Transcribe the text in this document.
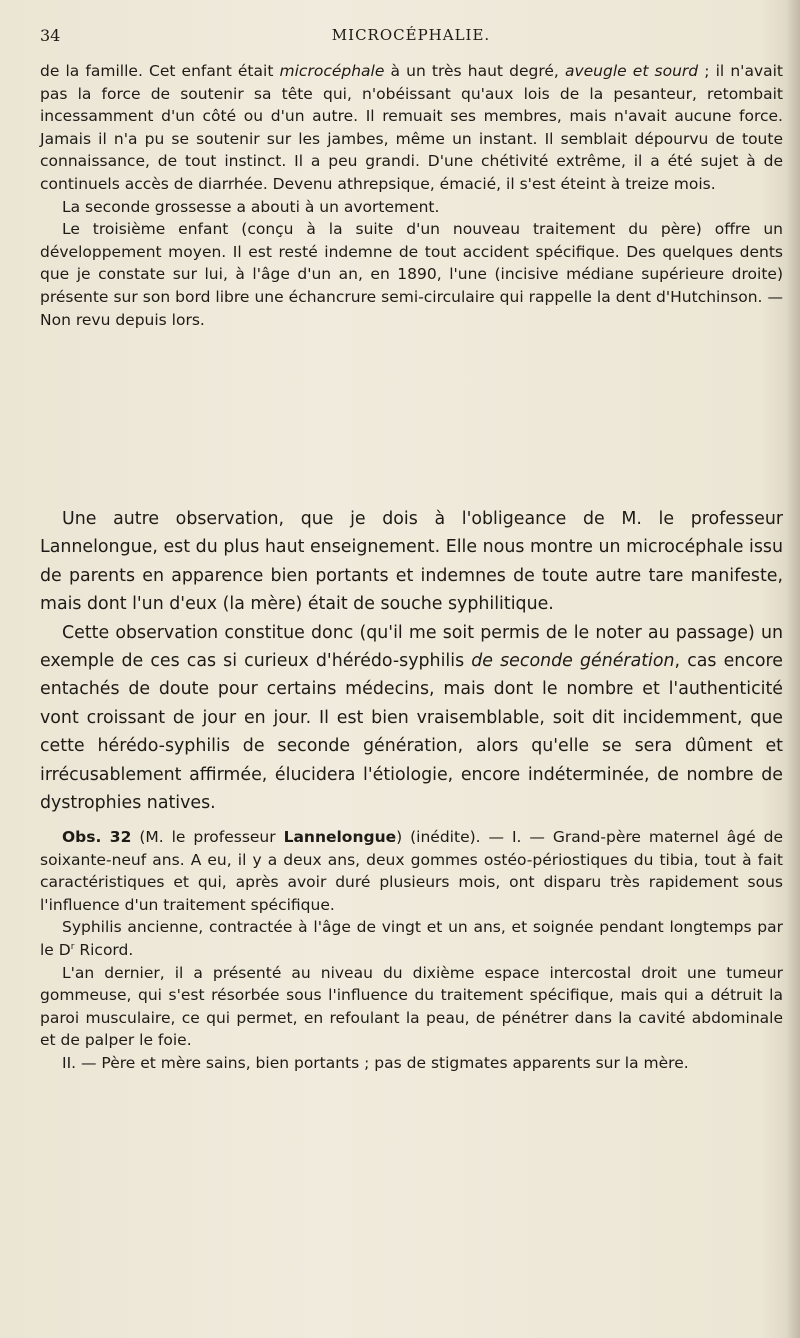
34	MICROCÉPHALIE.

de la famille. Cet enfant était microcéphale à un très haut degré, aveugle et sourd ; il n'avait pas la force de soutenir sa tête qui, n'obéissant qu'aux lois de la pesanteur, retombait incessamment d'un côté ou d'un autre. Il remuait ses membres, mais n'avait aucune force. Jamais il n'a pu se soutenir sur les jambes, même un instant. Il semblait dépourvu de toute connaissance, de tout instinct. Il a peu grandi. D'une chétivité extrême, il a été sujet à de continuels accès de diarrhée. Devenu athrepsique, émacié, il s'est éteint à treize mois.

La seconde grossesse a abouti à un avortement.

Le troisième enfant (conçu à la suite d'un nouveau traitement du père) offre un développement moyen. Il est resté indemne de tout accident spécifique. Des quelques dents que je constate sur lui, à l'âge d'un an, en 1890, l'une (incisive médiane supérieure droite) présente sur son bord libre une échancrure semi-circulaire qui rappelle la dent d'Hutchinson. — Non revu depuis lors.

Une autre observation, que je dois à l'obligeance de M. le professeur Lannelongue, est du plus haut enseignement. Elle nous montre un microcéphale issu de parents en apparence bien portants et indemnes de toute autre tare manifeste, mais dont l'un d'eux (la mère) était de souche syphilitique.

Cette observation constitue donc (qu'il me soit permis de le noter au passage) un exemple de ces cas si curieux d'hérédo-syphilis de seconde génération, cas encore entachés de doute pour certains médecins, mais dont le nombre et l'authenticité vont croissant de jour en jour. Il est bien vraisemblable, soit dit incidemment, que cette hérédo-syphilis de seconde génération, alors qu'elle se sera dûment et irrécusablement affirmée, élucidera l'étiologie, encore indéterminée, de nombre de dystrophies natives.

Obs. 32 (M. le professeur Lannelongue) (inédite). — I. — Grand-père maternel âgé de soixante-neuf ans. A eu, il y a deux ans, deux gommes ostéo-périostiques du tibia, tout à fait caractéristiques et qui, après avoir duré plusieurs mois, ont disparu très rapidement sous l'influence d'un traitement spécifique.

Syphilis ancienne, contractée à l'âge de vingt et un ans, et soignée pendant longtemps par le $D^r$ Ricord.

L'an dernier, il a présenté au niveau du dixième espace intercostal droit une tumeur gommeuse, qui s'est résorbée sous l'influence du traitement spécifique, mais qui a détruit la paroi musculaire, ce qui permet, en refoulant la peau, de pénétrer dans la cavité abdominale et de palper le foie.

II. — Père et mère sains, bien portants ; pas de stigmates apparents sur la mère.
